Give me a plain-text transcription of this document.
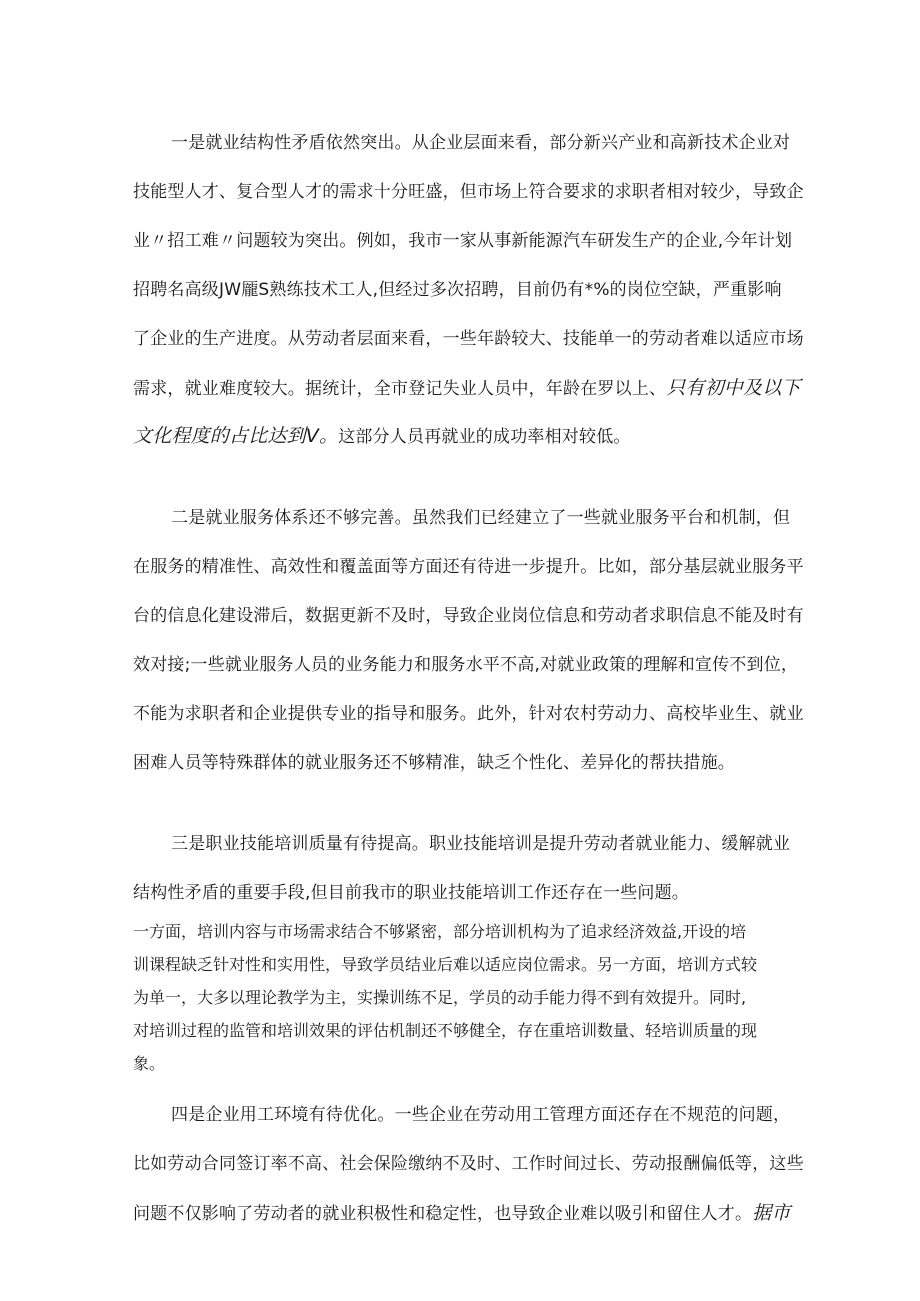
一是就业结构性矛盾依然突出。从企业层面来看，部分新兴产业和高新技术企业对
技能型人才、复合型人才的需求十分旺盛，但市场上符合要求的求职者相对较少，导致企
业〃招工难〃问题较为突出。例如，我市一家从事新能源汽车研发生产的企业,今年计划
招聘名高级JW龎S熟练技术工人,但经过多次招聘，目前仍有*%的岗位空缺，严重影响
了企业的生产进度。从劳动者层面来看，一些年龄较大、技能单一的劳动者难以适应市场
需求，就业难度较大。据统计，全市登记失业人员中，年龄在罗以上、只有初中及以下
文化程度的占比达到V。这部分人员再就业的成功率相对较低。
二是就业服务体系还不够完善。虽然我们已经建立了一些就业服务平台和机制，但
在服务的精准性、高效性和覆盖面等方面还有待进一步提升。比如，部分基层就业服务平
台的信息化建设滞后，数据更新不及时，导致企业岗位信息和劳动者求职信息不能及时有
效对接;一些就业服务人员的业务能力和服务水平不高,对就业政策的理解和宣传不到位，
不能为求职者和企业提供专业的指导和服务。此外，针对农村劳动力、高校毕业生、就业
困难人员等特殊群体的就业服务还不够精准，缺乏个性化、差异化的帮扶措施。
三是职业技能培训质量有待提高。职业技能培训是提升劳动者就业能力、缓解就业
结构性矛盾的重要手段,但目前我市的职业技能培训工作还存在一些问题。
一方面，培训内容与市场需求结合不够紧密，部分培训机构为了追求经济效益,开设的培
训课程缺乏针对性和实用性，导致学员结业后难以适应岗位需求。另一方面，培训方式较
为单一，大多以理论教学为主，实操训练不足，学员的动手能力得不到有效提升。同时,
对培训过程的监管和培训效果的评估机制还不够健全，存在重培训数量、轻培训质量的现
象。
四是企业用工环境有待优化。一些企业在劳动用工管理方面还存在不规范的问题，
比如劳动合同签订率不高、社会保险缴纳不及时、工作时间过长、劳动报酬偏低等，这些
问题不仅影响了劳动者的就业积极性和稳定性，也导致企业难以吸引和留住人才。据市
